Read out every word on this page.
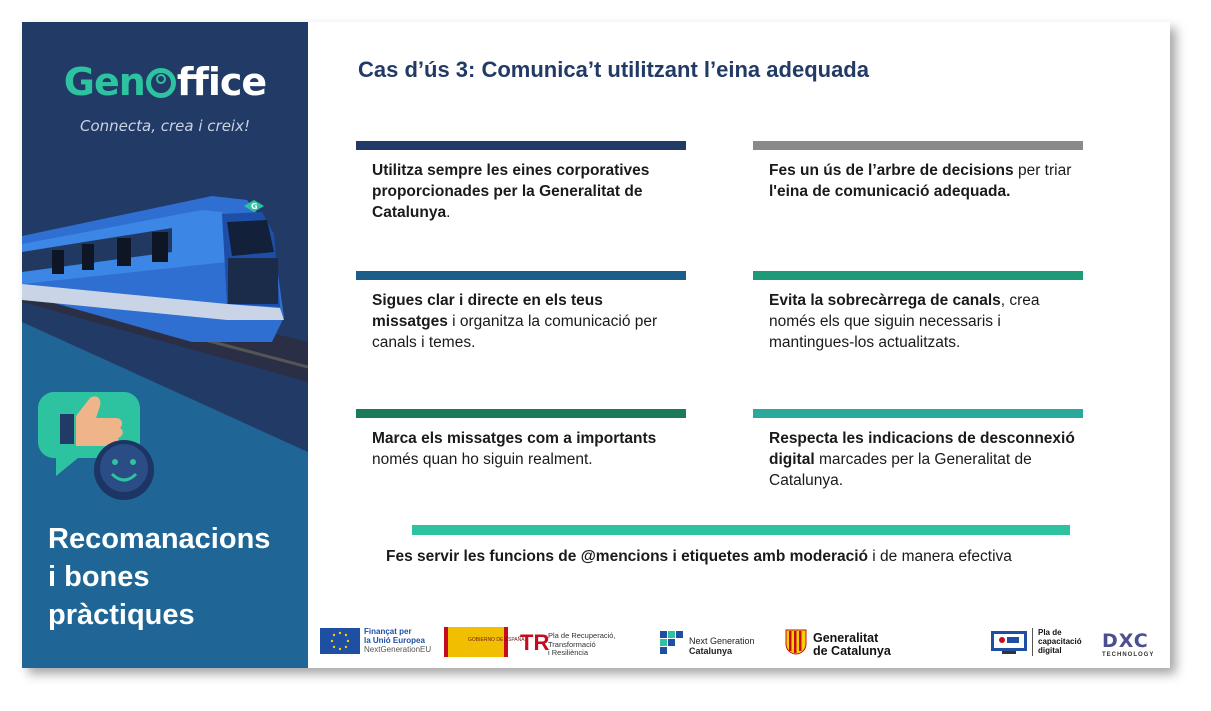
Gen ffice
Connecta, crea i creix!
G
Recomanacions
i bones
pràctiques
Cas d’ús 3: Comunica’t utilitzant l’eina adequada
Utilitza sempre les eines corporatives proporcionades per la Generalitat de Catalunya.
Fes un ús de l’arbre de decisions per triar l'eina de comunicació adequada.
Sigues clar i directe en els teus missatges i organitza la comunicació per canals i temes.
Evita la sobrecàrrega de canals, crea només els que siguin necessaris i mantingues-los actualitzats.
Marca els missatges com a importants només quan ho siguin realment.
Respecta les indicacions de desconnexió digital marcades per la Generalitat de Catalunya.
Fes servir les funcions de @mencions i etiquetes amb moderació i de manera efectiva
Finançat per
la Unió Europea
NextGenerationEU
GOBIERNO DE ESPAÑA
TR
Pla de Recuperació,
Transformació
i Resiliència
Next Generation
Catalunya
Generalitat
de Catalunya
Pla de
capacitació
digital	DXC
TECHNOLOGY
